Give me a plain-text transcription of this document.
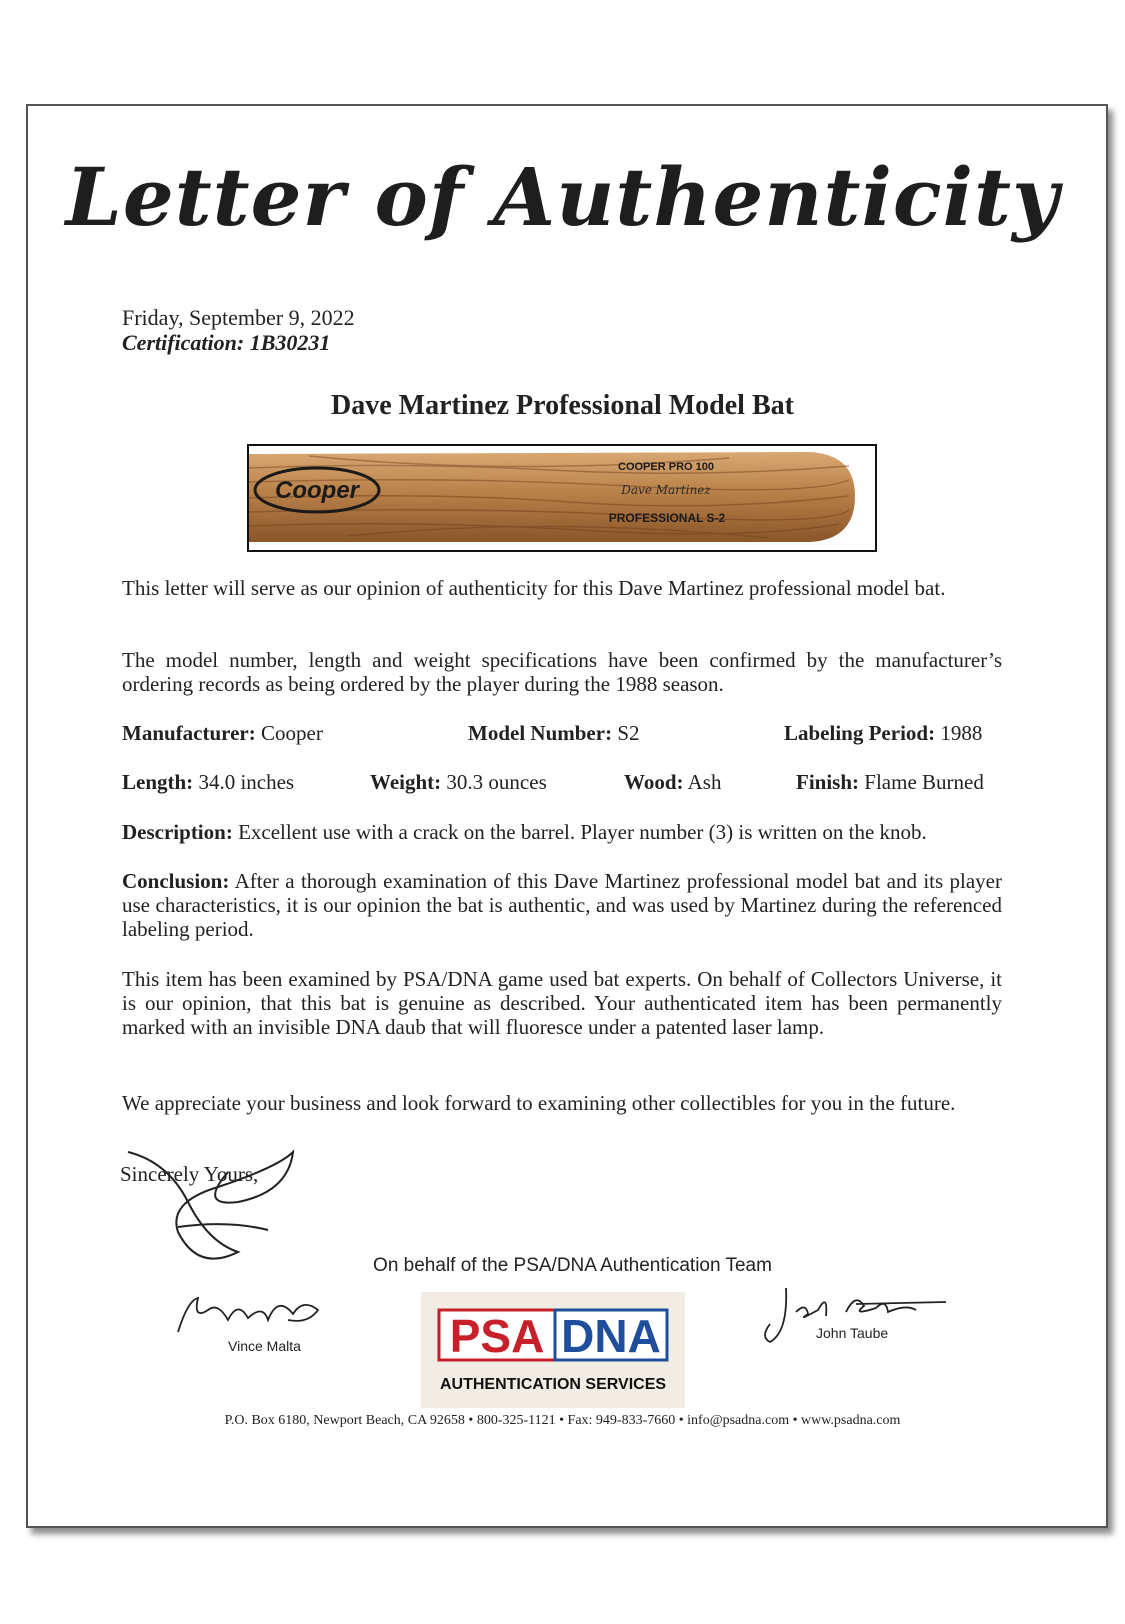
Letter of Authenticity
Friday, September 9, 2022
Certification: 1B30231
Dave Martinez Professional Model Bat
Cooper
COOPER PRO 100
Dave Martinez
PROFESSIONAL S-2
This letter will serve as our opinion of authenticity for this Dave Martinez professional model bat.
The model number, length and weight specifications have been confirmed by the manufacturer’s ordering records as being ordered by the player during the 1988 season.
Manufacturer: Cooper	Model Number: S2	Labeling Period: 1988
Length: 34.0 inches	Weight: 30.3 ounces	Wood: Ash	Finish: Flame Burned
Description: Excellent use with a crack on the barrel. Player number (3) is written on the knob.
Conclusion: After a thorough examination of this Dave Martinez professional model bat and its player use characteristics, it is our opinion the bat is authentic, and was used by Martinez during the referenced labeling period.
This item has been examined by PSA/DNA game used bat experts. On behalf of Collectors Universe, it is our opinion, that this bat is genuine as described. Your authenticated item has been permanently marked with an invisible DNA daub that will fluoresce under a patented laser lamp.
We appreciate your business and look forward to examining other collectibles for you in the future.
Sincerely Yours,
On behalf of the PSA/DNA Authentication Team
Vince Malta
John Taube
PSA DNA
AUTHENTICATION SERVICES
P.O. Box 6180, Newport Beach, CA 92658 • 800-325-1121 • Fax: 949-833-7660 • info@psadna.com • www.psadna.com
